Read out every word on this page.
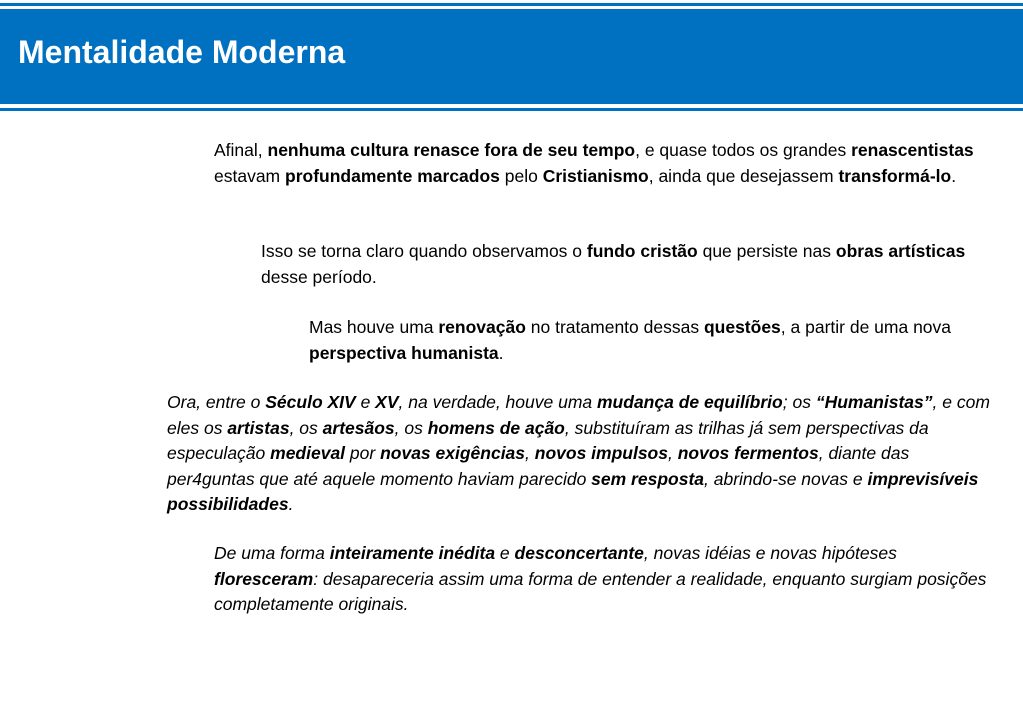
Mentalidade Moderna

Afinal, nenhuma cultura renasce fora de seu tempo, e quase todos os grandes renascentistas estavam profundamente marcados pelo Cristianismo, ainda que desejassem transformá-lo.

Isso se torna claro quando observamos o fundo cristão que persiste nas obras artísticas desse período.

Mas houve uma renovação no tratamento dessas questões, a partir de uma nova perspectiva humanista.

Ora, entre o Século XIV e XV, na verdade, houve uma mudança de equilíbrio; os “Humanistas”, e com eles os artistas, os artesãos, os homens de ação, substituíram as trilhas já sem perspectivas da especulação medieval por novas exigências, novos impulsos, novos fermentos, diante das per4guntas que até aquele momento haviam parecido sem resposta, abrindo-se novas e imprevisíveis possibilidades.

De uma forma inteiramente inédita e desconcertante, novas idéias e novas hipóteses floresceram: desapareceria assim uma forma de entender a realidade, enquanto surgiam posições completamente originais.
